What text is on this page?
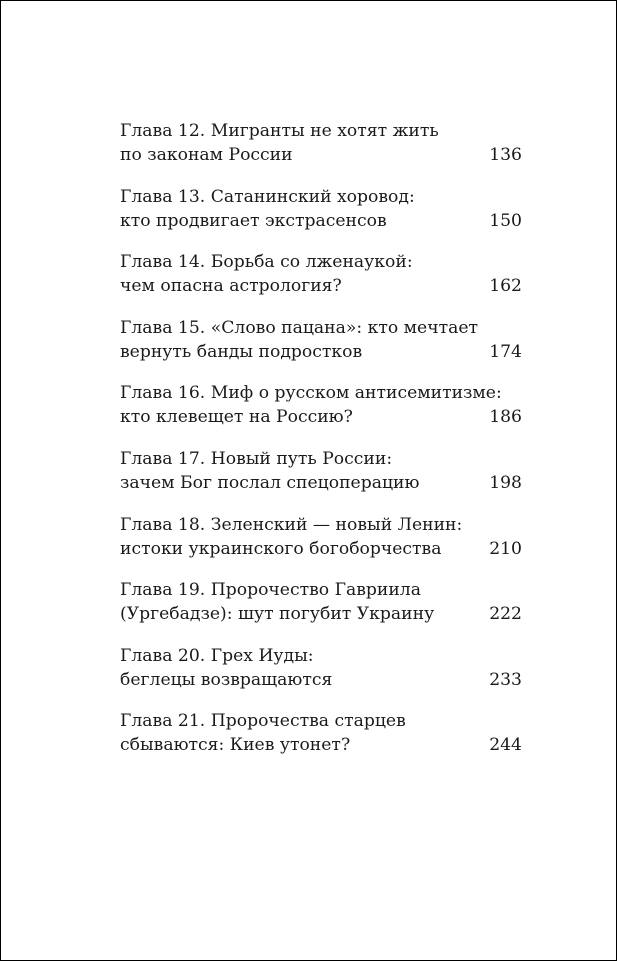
Глава 12. Мигранты не хотят жить
по законам России	136
Глава 13. Сатанинский хоровод:
кто продвигает экстрасенсов	150
Глава 14. Борьба со лженаукой:
чем опасна астрология?	162
Глава 15. «Слово пацана»: кто мечтает
вернуть банды подростков	174
Глава 16. Миф о русском антисемитизме:
кто клевещет на Россию?	186
Глава 17. Новый путь России:
зачем Бог послал спецоперацию	198
Глава 18. Зеленский — новый Ленин:
истоки украинского богоборчества	210
Глава 19. Пророчество Гавриила
(Ургебадзе): шут погубит Украину	222
Глава 20. Грех Иуды:
беглецы возвращаются	233
Глава 21. Пророчества старцев
сбываются: Киев утонет?	244
